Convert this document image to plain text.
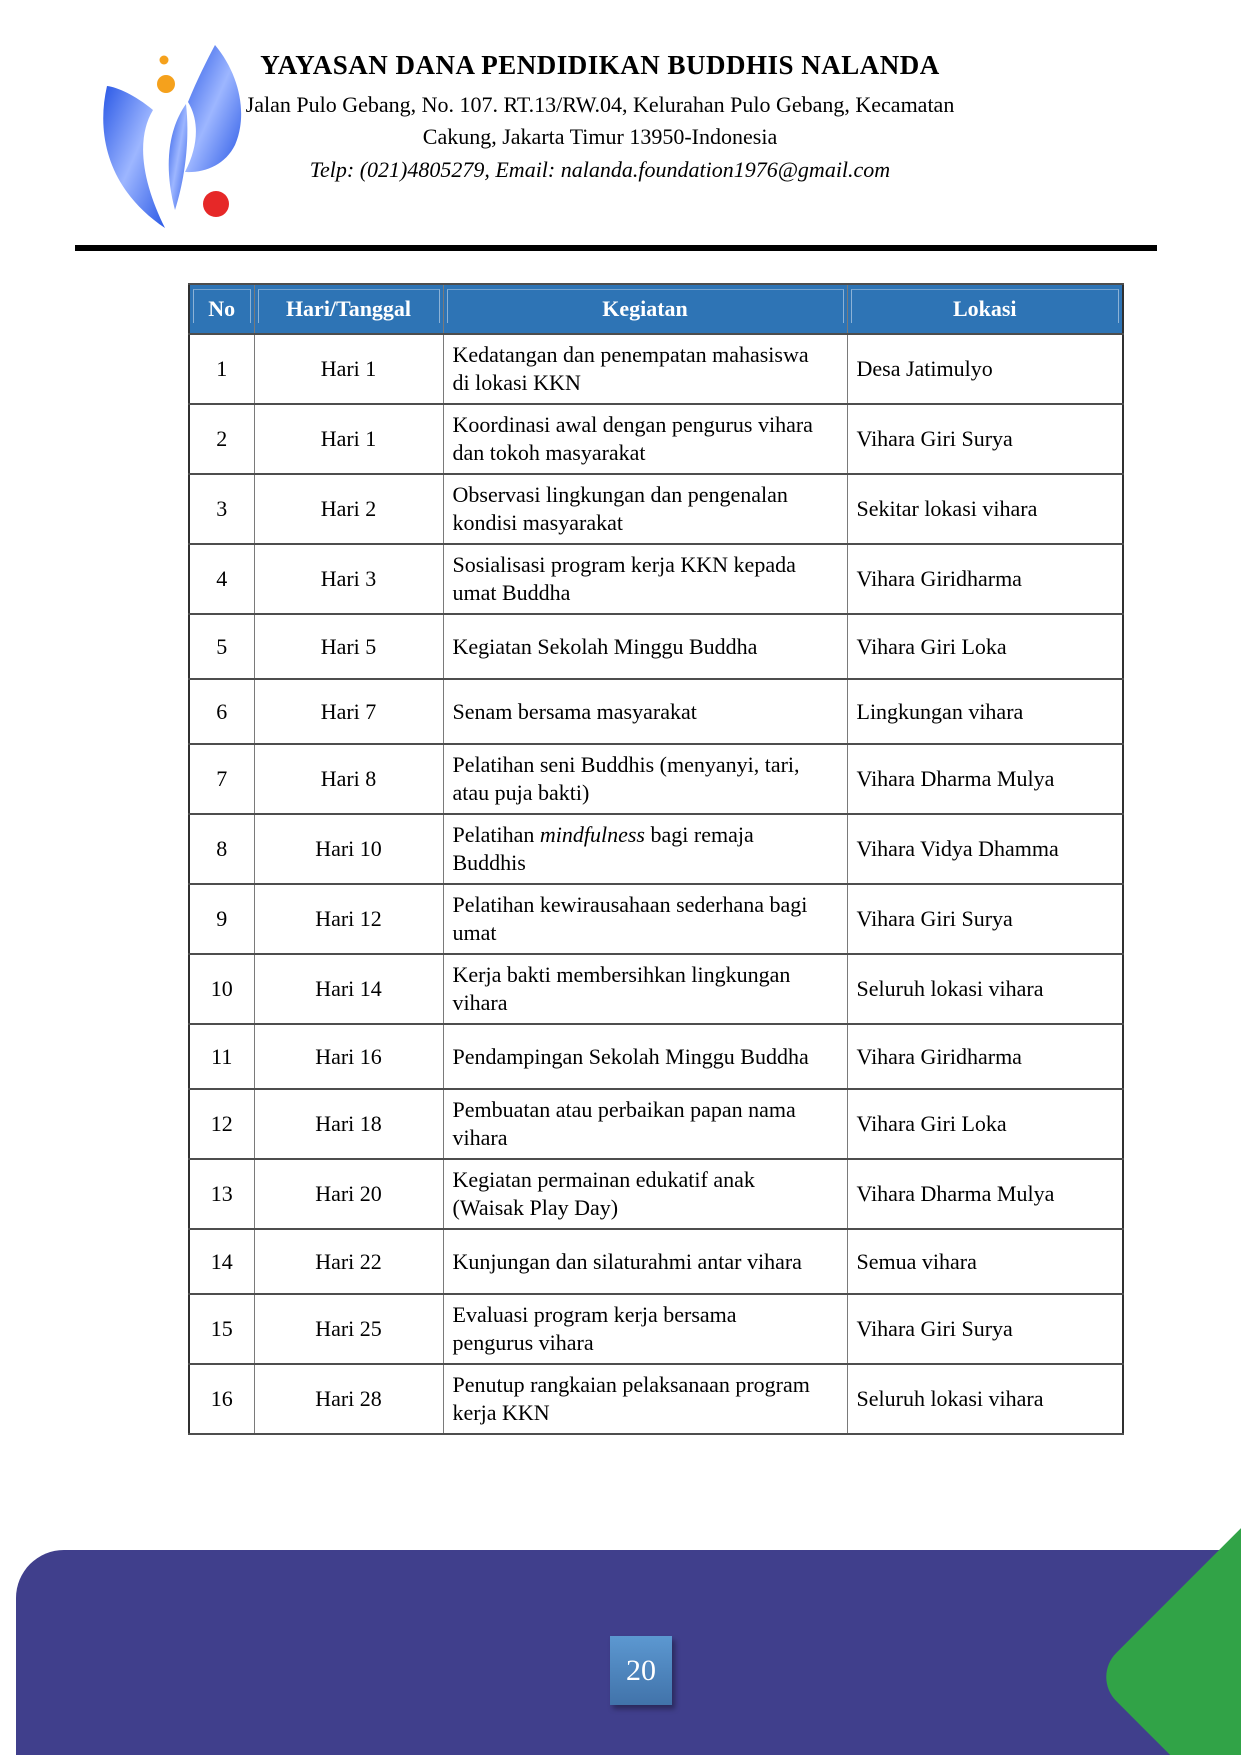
YAYASAN DANA PENDIDIKAN BUDDHIS NALANDA
Jalan Pulo Gebang, No. 107. RT.13/RW.04, Kelurahan Pulo Gebang, Kecamatan
Cakung, Jakarta Timur 13950-Indonesia
Telp: (021)4805279, Email: nalanda.foundation1976@gmail.com
No	Hari/Tanggal	Kegiatan	Lokasi
1	Hari 1	Kedatangan dan penempatan mahasiswa di lokasi KKN	Desa Jatimulyo
2	Hari 1	Koordinasi awal dengan pengurus vihara dan tokoh masyarakat	Vihara Giri Surya
3	Hari 2	Observasi lingkungan dan pengenalan kondisi masyarakat	Sekitar lokasi vihara
4	Hari 3	Sosialisasi program kerja KKN kepada umat Buddha	Vihara Giridharma
5	Hari 5	Kegiatan Sekolah Minggu Buddha	Vihara Giri Loka
6	Hari 7	Senam bersama masyarakat	Lingkungan vihara
7	Hari 8	Pelatihan seni Buddhis (menyanyi, tari, atau puja bakti)	Vihara Dharma Mulya
8	Hari 10	Pelatihan mindfulness bagi remaja Buddhis	Vihara Vidya Dhamma
9	Hari 12	Pelatihan kewirausahaan sederhana bagi umat	Vihara Giri Surya
10	Hari 14	Kerja bakti membersihkan lingkungan vihara	Seluruh lokasi vihara
11	Hari 16	Pendampingan Sekolah Minggu Buddha	Vihara Giridharma
12	Hari 18	Pembuatan atau perbaikan papan nama vihara	Vihara Giri Loka
13	Hari 20	Kegiatan permainan edukatif anak (Waisak Play Day)	Vihara Dharma Mulya
14	Hari 22	Kunjungan dan silaturahmi antar vihara	Semua vihara
15	Hari 25	Evaluasi program kerja bersama pengurus vihara	Vihara Giri Surya
16	Hari 28	Penutup rangkaian pelaksanaan program kerja KKN	Seluruh lokasi vihara
20
